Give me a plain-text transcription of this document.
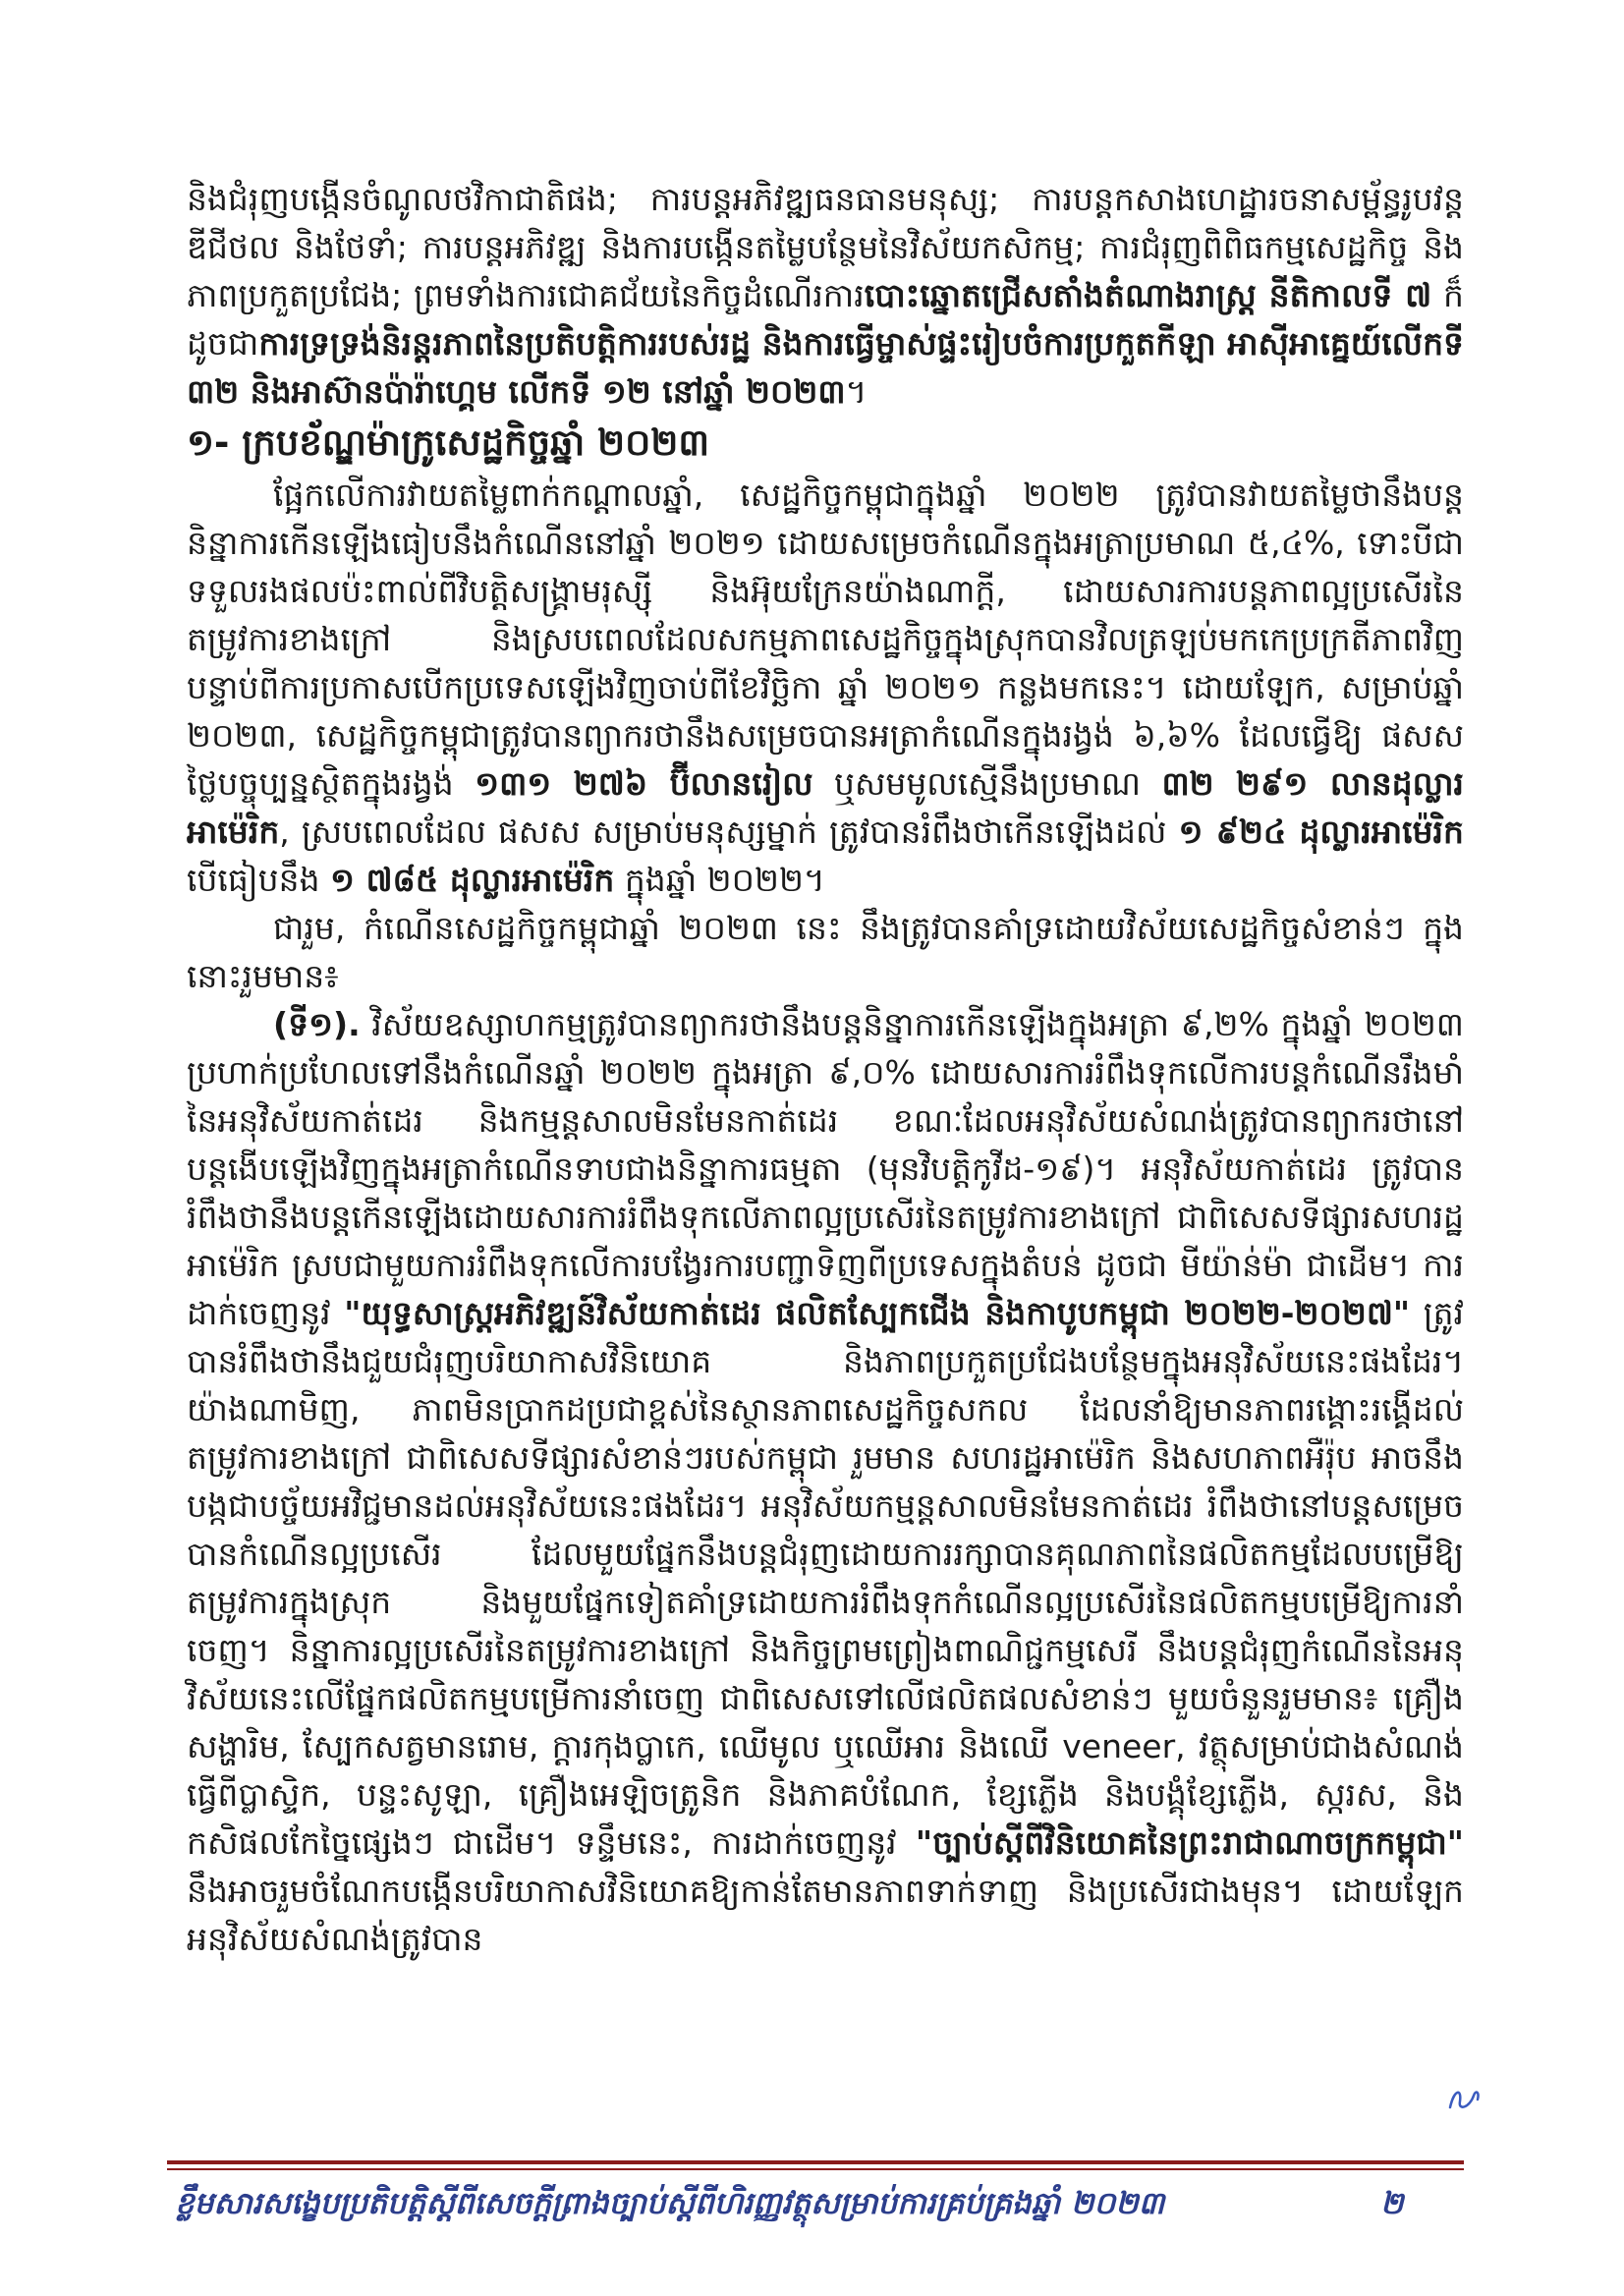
និងជំរុញបង្កើនចំណូលថវិកាជាតិផង; ការបន្តអភិវឌ្ឍធនធានមនុស្ស; ការបន្តកសាងហេដ្ឋារចនាសម្ព័ន្ធរូបវន្ត ឌីជីថល និងថែទាំ; ការបន្តអភិវឌ្ឍ និងការបង្កើនតម្លៃបន្ថែមនៃវិស័យកសិកម្ម; ការជំរុញពិពិធកម្មសេដ្ឋកិច្ច និងភាពប្រកួតប្រជែង; ព្រមទាំងការជោគជ័យនៃកិច្ចដំណើរការបោះឆ្នោតជ្រើសតាំងតំណាងរាស្ត្រ នីតិកាលទី ៧ ក៏ដូចជាការទ្រទ្រង់និរន្តរភាពនៃប្រតិបត្តិការរបស់រដ្ឋ និងការធ្វើម្ចាស់ផ្ទះរៀបចំការប្រកួតកីឡា អាស៊ីអាគ្នេយ៍លើកទី ៣២ និងអាស៊ានប៉ារ៉ាហ្គេម លើកទី ១២ នៅឆ្នាំ ២០២៣។

១- ក្របខ័ណ្ឌម៉ាក្រូសេដ្ឋកិច្ចឆ្នាំ ២០២៣

ផ្អែកលើការវាយតម្លៃពាក់កណ្តាលឆ្នាំ, សេដ្ឋកិច្ចកម្ពុជាក្នុងឆ្នាំ ២០២២ ត្រូវបានវាយតម្លៃថានឹងបន្តនិន្នាការកើនឡើងធៀបនឹងកំណើននៅឆ្នាំ ២០២១ ដោយសម្រេចកំណើនក្នុងអត្រាប្រមាណ ៥,៤%, ទោះបីជាទទួលរងផលប៉ះពាល់ពីវិបត្តិសង្គ្រាមរុស្ស៊ី និងអ៊ុយក្រែនយ៉ាងណាក្តី, ដោយសារការបន្តភាពល្អប្រសើរនៃតម្រូវការខាងក្រៅ និងស្របពេលដែលសកម្មភាពសេដ្ឋកិច្ចក្នុងស្រុកបានវិលត្រឡប់មកកេប្រក្រតីភាពវិញ បន្ទាប់ពីការប្រកាសបើកប្រទេសឡើងវិញចាប់ពីខែវិច្ឆិកា ឆ្នាំ ២០២១ កន្លងមកនេះ។ ដោយឡែក, សម្រាប់ឆ្នាំ ២០២៣, សេដ្ឋកិច្ចកម្ពុជាត្រូវបានព្យាករថានឹងសម្រេចបានអត្រាកំណើនក្នុងរង្វង់ ៦,៦% ដែលធ្វើឱ្យ ផសស ថ្លៃបច្ចុប្បន្នស្ថិតក្នុងរង្វង់ ១៣១ ២៧៦ ប៊ីលានរៀល ឬសមមូលស្មើនឹងប្រមាណ ៣២ ២៩១ លានដុល្លារអាម៉េរិក, ស្របពេលដែល ផសស សម្រាប់មនុស្សម្នាក់ ត្រូវបានរំពឹងថាកើនឡើងដល់ ១ ៩២៤ ដុល្លារអាម៉េរិក បើធៀបនឹង ១ ៧៨៥ ដុល្លារអាម៉េរិក ក្នុងឆ្នាំ ២០២២។

ជារួម, កំណើនសេដ្ឋកិច្ចកម្ពុជាឆ្នាំ ២០២៣ នេះ នឹងត្រូវបានគាំទ្រដោយវិស័យសេដ្ឋកិច្ចសំខាន់ៗ ក្នុងនោះរួមមាន៖

(ទី១). វិស័យឧស្សាហកម្មត្រូវបានព្យាករថានឹងបន្តនិន្នាការកើនឡើងក្នុងអត្រា ៩,២% ក្នុងឆ្នាំ ២០២៣ ប្រហាក់ប្រហែលទៅនឹងកំណើនឆ្នាំ ២០២២ ក្នុងអត្រា ៩,០% ដោយសារការរំពឹងទុកលើការបន្តកំណើនរឹងមាំនៃអនុវិស័យកាត់ដេរ និងកម្មន្តសាលមិនមែនកាត់ដេរ ខណៈដែលអនុវិស័យសំណង់ត្រូវបានព្យាករថានៅបន្តងើបឡើងវិញក្នុងអត្រាកំណើនទាបជាងនិន្នាការធម្មតា (មុនវិបត្តិកូវីដ-១៩)។ អនុវិស័យកាត់ដេរ ត្រូវបានរំពឹងថានឹងបន្តកើនឡើងដោយសារការរំពឹងទុកលើភាពល្អប្រសើរនៃតម្រូវការខាងក្រៅ ជាពិសេសទីផ្សារសហរដ្ឋអាម៉េរិក ស្របជាមួយការរំពឹងទុកលើការបង្វែរការបញ្ជាទិញពីប្រទេសក្នុងតំបន់ ដូចជា មីយ៉ាន់ម៉ា ជាដើម។ ការដាក់ចេញនូវ "យុទ្ធសាស្ត្រអភិវឌ្ឍន៍វិស័យកាត់ដេរ ផលិតស្បែកជើង និងកាបូបកម្ពុជា ២០២២-២០២៧" ត្រូវបានរំពឹងថានឹងជួយជំរុញបរិយាកាសវិនិយោគ និងភាពប្រកួតប្រជែងបន្ថែមក្នុងអនុវិស័យនេះផងដែរ។ យ៉ាងណាមិញ, ភាពមិនប្រាកដប្រជាខ្ពស់នៃស្ថានភាពសេដ្ឋកិច្ចសកល ដែលនាំឱ្យមានភាពរង្គោះរង្គើដល់តម្រូវការខាងក្រៅ ជាពិសេសទីផ្សារសំខាន់ៗរបស់កម្ពុជា រួមមាន សហរដ្ឋអាម៉េរិក និងសហភាពអឺរ៉ុប អាចនឹងបង្កជាបច្ច័យអវិជ្ជមានដល់អនុវិស័យនេះផងដែរ។ អនុវិស័យកម្មន្តសាលមិនមែនកាត់ដេរ រំពឹងថានៅបន្តសម្រេចបានកំណើនល្អប្រសើរ ដែលមួយផ្នែកនឹងបន្តជំរុញដោយការរក្សាបានគុណភាពនៃផលិតកម្មដែលបម្រើឱ្យតម្រូវការក្នុងស្រុក និងមួយផ្នែកទៀតគាំទ្រដោយការរំពឹងទុកកំណើនល្អប្រសើរនៃផលិតកម្មបម្រើឱ្យការនាំចេញ។ និន្នាការល្អប្រសើរនៃតម្រូវការខាងក្រៅ និងកិច្ចព្រមព្រៀងពាណិជ្ជកម្មសេរី នឹងបន្តជំរុញកំណើននៃអនុវិស័យនេះលើផ្នែកផលិតកម្មបម្រើការនាំចេញ ជាពិសេសទៅលើផលិតផលសំខាន់ៗ មួយចំនួនរួមមាន៖ គ្រឿងសង្ហារិម, ស្បែកសត្វមានរោម, ក្តារកុងប្លាកេ, ឈើមូល ឬឈើអារ និងឈើ veneer, វត្ថុសម្រាប់ជាងសំណង់ធ្វើពីប្លាស្ទិក, បន្ទះសូឡា, គ្រឿងអេឡិចត្រូនិក និងភាគបំណែក, ខ្សែភ្លើង និងបង្គុំខ្សែភ្លើង, ស្ករស, និងកសិផលកែច្នៃផ្សេងៗ ជាដើម។ ទន្ទឹមនេះ, ការដាក់ចេញនូវ "ច្បាប់ស្តីពីវិនិយោគនៃព្រះរាជាណាចក្រកម្ពុជា" នឹងអាចរួមចំណែកបង្កើនបរិយាកាសវិនិយោគឱ្យកាន់តែមានភាពទាក់ទាញ និងប្រសើរជាងមុន។ ដោយឡែកអនុវិស័យសំណង់ត្រូវបាន

ខ្លឹមសារសង្ខេបប្រតិបត្តិស្តីពីសេចក្តីព្រាងច្បាប់ស្តីពីហិរញ្ញវត្ថុសម្រាប់ការគ្រប់គ្រងឆ្នាំ ២០២៣	២
